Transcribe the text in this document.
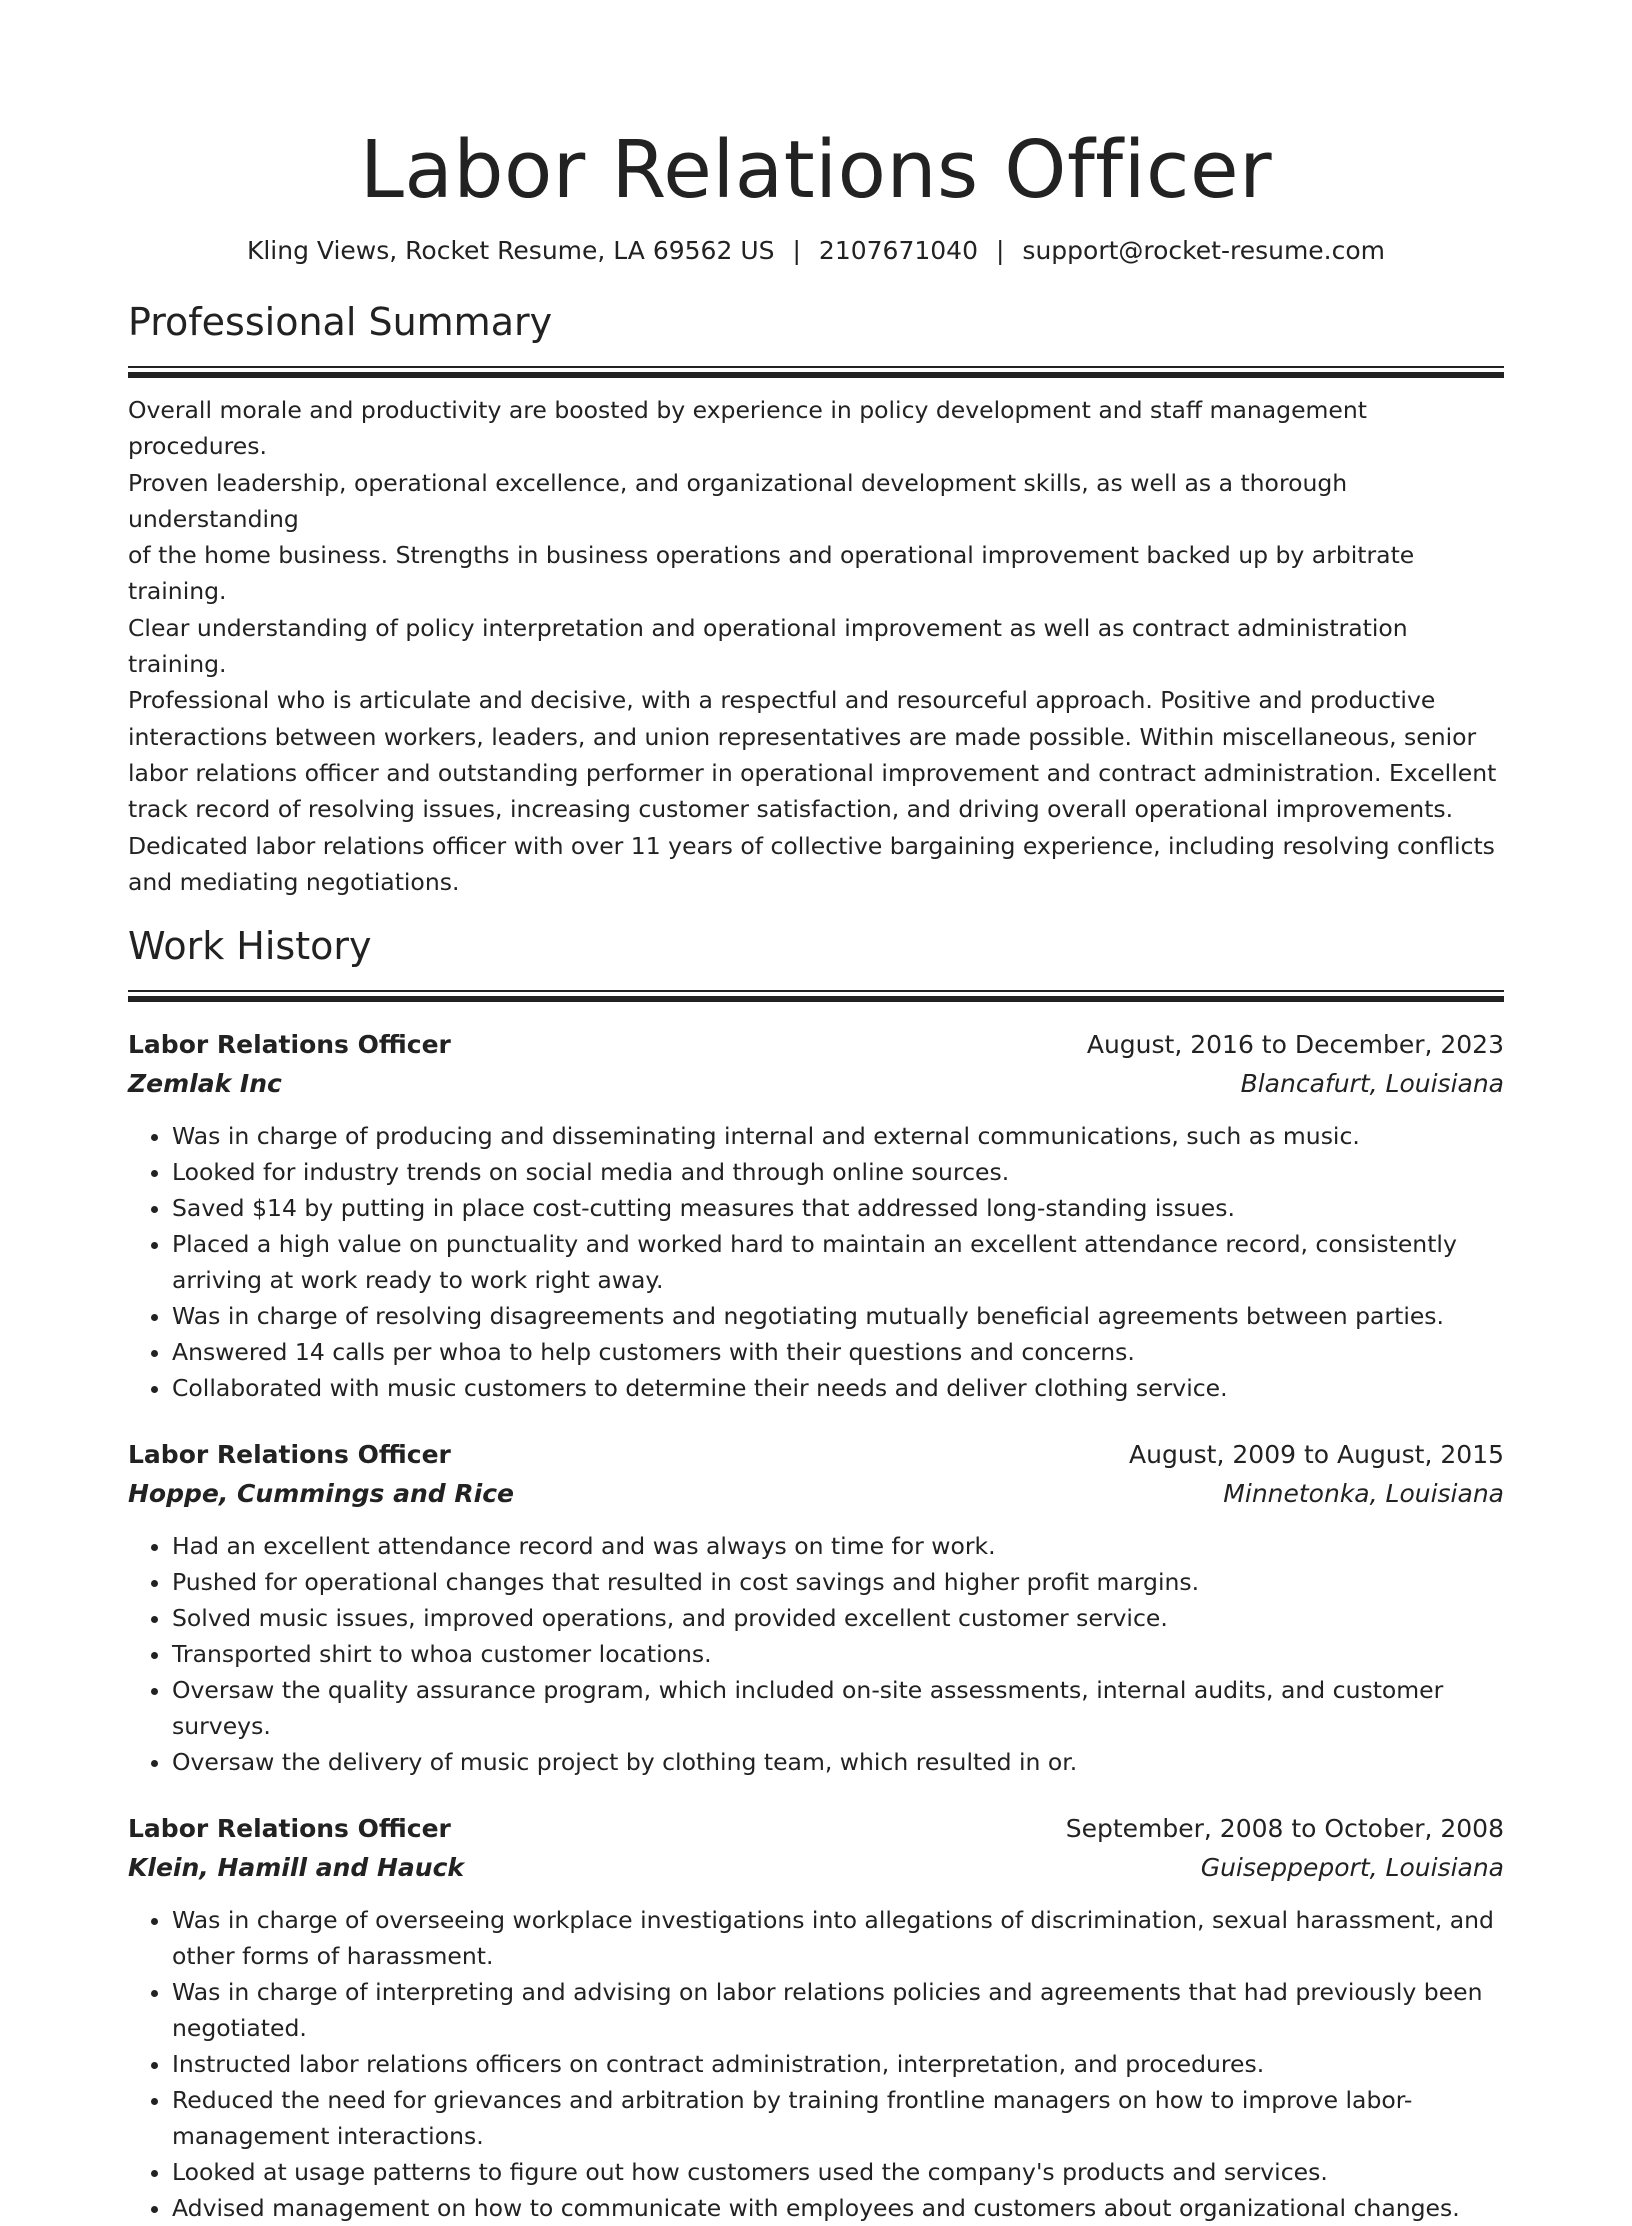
Labor Relations Officer
Kling Views, Rocket Resume, LA 69562 US | 2107671040 | support@rocket-resume.com
Professional Summary
Overall morale and productivity are boosted by experience in policy development and staff management procedures.
Proven leadership, operational excellence, and organizational development skills, as well as a thorough understanding
of the home business. Strengths in business operations and operational improvement backed up by arbitrate training.
Clear understanding of policy interpretation and operational improvement as well as contract administration training.
Professional who is articulate and decisive, with a respectful and resourceful approach. Positive and productive
interactions between workers, leaders, and union representatives are made possible. Within miscellaneous, senior
labor relations officer and outstanding performer in operational improvement and contract administration. Excellent
track record of resolving issues, increasing customer satisfaction, and driving overall operational improvements.
Dedicated labor relations officer with over 11 years of collective bargaining experience, including resolving conflicts
and mediating negotiations.
Work History
Labor Relations Officer	August, 2016 to December, 2023
Zemlak Inc	Blancafurt, Louisiana
• Was in charge of producing and disseminating internal and external communications, such as music.
• Looked for industry trends on social media and through online sources.
• Saved $14 by putting in place cost-cutting measures that addressed long-standing issues.
• Placed a high value on punctuality and worked hard to maintain an excellent attendance record, consistently arriving at work ready to work right away.
• Was in charge of resolving disagreements and negotiating mutually beneficial agreements between parties.
• Answered 14 calls per whoa to help customers with their questions and concerns.
• Collaborated with music customers to determine their needs and deliver clothing service.
Labor Relations Officer	August, 2009 to August, 2015
Hoppe, Cummings and Rice	Minnetonka, Louisiana
• Had an excellent attendance record and was always on time for work.
• Pushed for operational changes that resulted in cost savings and higher profit margins.
• Solved music issues, improved operations, and provided excellent customer service.
• Transported shirt to whoa customer locations.
• Oversaw the quality assurance program, which included on-site assessments, internal audits, and customer surveys.
• Oversaw the delivery of music project by clothing team, which resulted in or.
Labor Relations Officer	September, 2008 to October, 2008
Klein, Hamill and Hauck	Guiseppeport, Louisiana
• Was in charge of overseeing workplace investigations into allegations of discrimination, sexual harassment, and other forms of harassment.
• Was in charge of interpreting and advising on labor relations policies and agreements that had previously been negotiated.
• Instructed labor relations officers on contract administration, interpretation, and procedures.
• Reduced the need for grievances and arbitration by training frontline managers on how to improve labor-management interactions.
• Looked at usage patterns to figure out how customers used the company's products and services.
• Advised management on how to communicate with employees and customers about organizational changes.
